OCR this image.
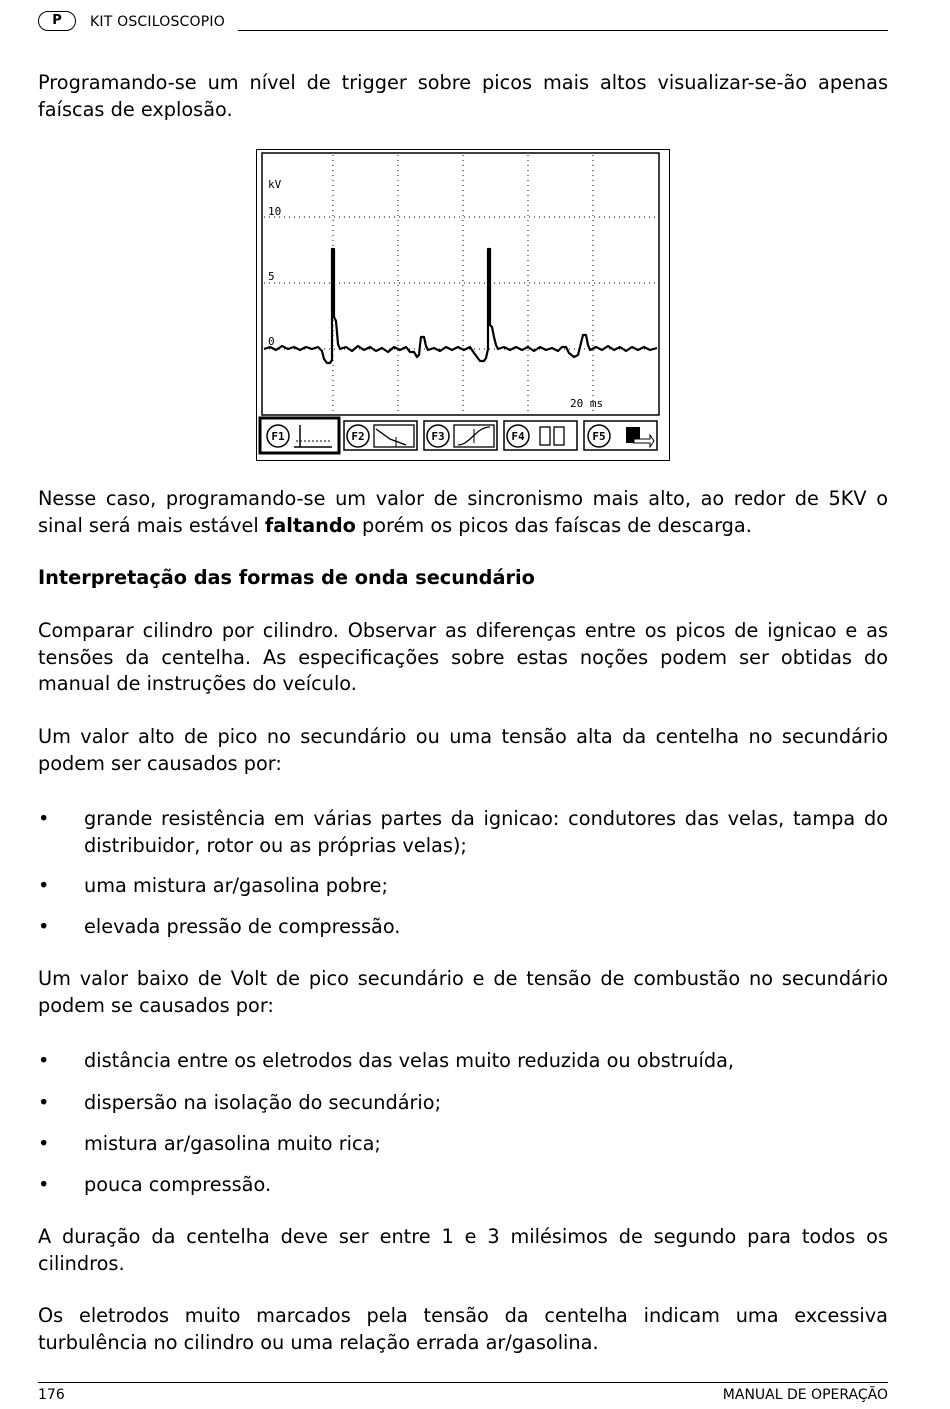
P	KIT OSCILOSCOPIO
Programando-se um nível de trigger sobre picos mais altos visualizar-se-ão apenas faíscas de explosão.
kV
10
5
0
20 ms
F1	F2	F3	F4	F5
Nesse caso, programando-se um valor de sincronismo mais alto, ao redor de 5KV o sinal será mais estável faltando porém os picos das faíscas de descarga.
Interpretação das formas de onda secundário
Comparar cilindro por cilindro. Observar as diferenças entre os picos de ignicao e as tensões da centelha. As especificações sobre estas noções podem ser obtidas do manual de instruções do veículo.
Um valor alto de pico no secundário ou uma tensão alta da centelha no secundário podem ser causados por:
• grande resistência em várias partes da ignicao: condutores das velas, tampa do distribuidor, rotor ou as próprias velas);
• uma mistura ar/gasolina pobre;
• elevada pressão de compressão.
Um valor baixo de Volt de pico secundário e de tensão de combustão no secundário podem se causados por:
• distância entre os eletrodos das velas muito reduzida ou obstruída,
• dispersão na isolação do secundário;
• mistura ar/gasolina muito rica;
• pouca compressão.
A duração da centelha deve ser entre 1 e 3 milésimos de segundo para todos os cilindros.
Os eletrodos muito marcados pela tensão da centelha indicam uma excessiva turbulência no cilindro ou uma relação errada ar/gasolina.
176	MANUAL DE OPERAÇÃO
